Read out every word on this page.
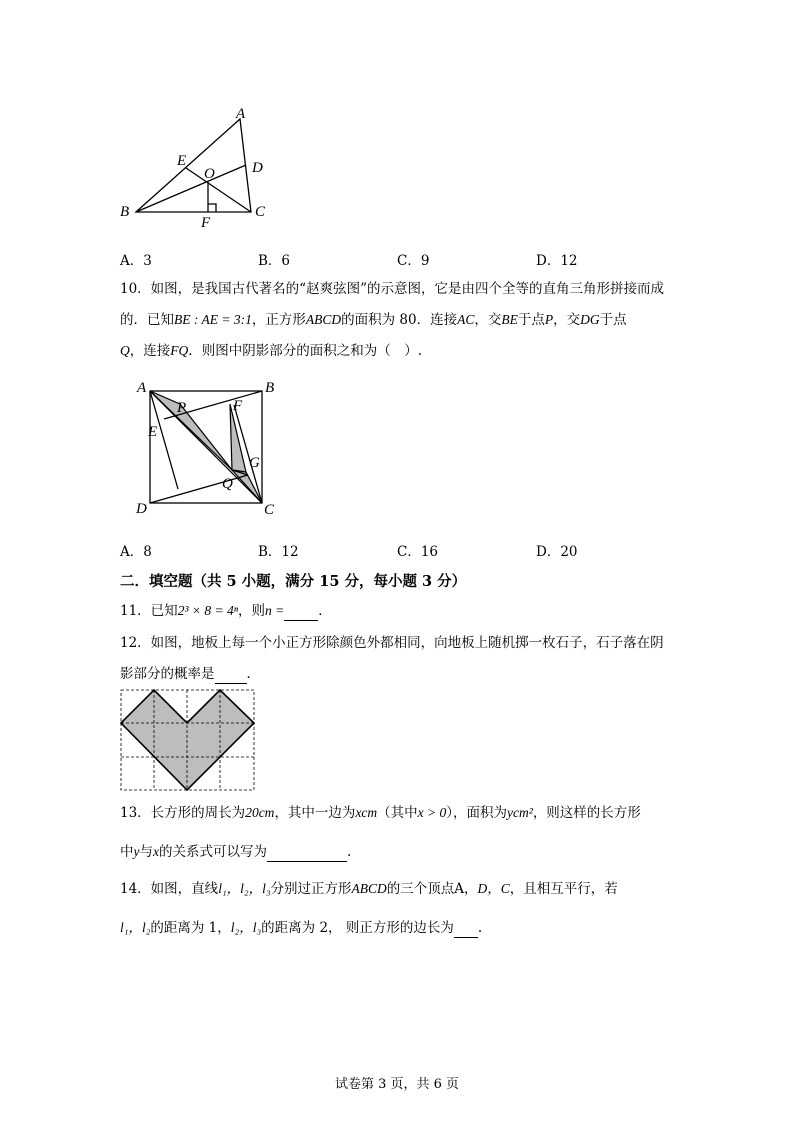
A
E
O D
B	C
F
A．3	B．6	C．9	D．12
10．如图，是我国古代著名的“赵爽弦图”的示意图，它是由四个全等的直角三角形拼接而成
的．已知BE : AE = 3:1，正方形ABCD的面积为 80．连接AC，交BE于点P，交DG于点
Q，连接FQ．则图中阴影部分的面积之和为（　）.
A	B
P	F
E
G
Q
D	C
A．8	B．12	C．16	D．20
二．填空题（共 5 小题，满分 15 分，每小题 3 分）
11．已知2³ × 8 = 4ⁿ，则n =	．
12．如图，地板上每一个小正方形除颜色外都相同，向地板上随机掷一枚石子，石子落在阴
影部分的概率是 ．
13．长方形的周长为20cm，其中一边为xcm（其中x > 0），面积为ycm²，则这样的长方形
中y与x的关系式可以写为	.
14．如图，直线l₁，l₂，l₃分别过正方形ABCD的三个顶点A，D，C，且相互平行，若
l₁，l₂的距离为 1，l₂，l₃的距离为 2， 则正方形的边长为 .
试卷第 3 页，共 6 页
